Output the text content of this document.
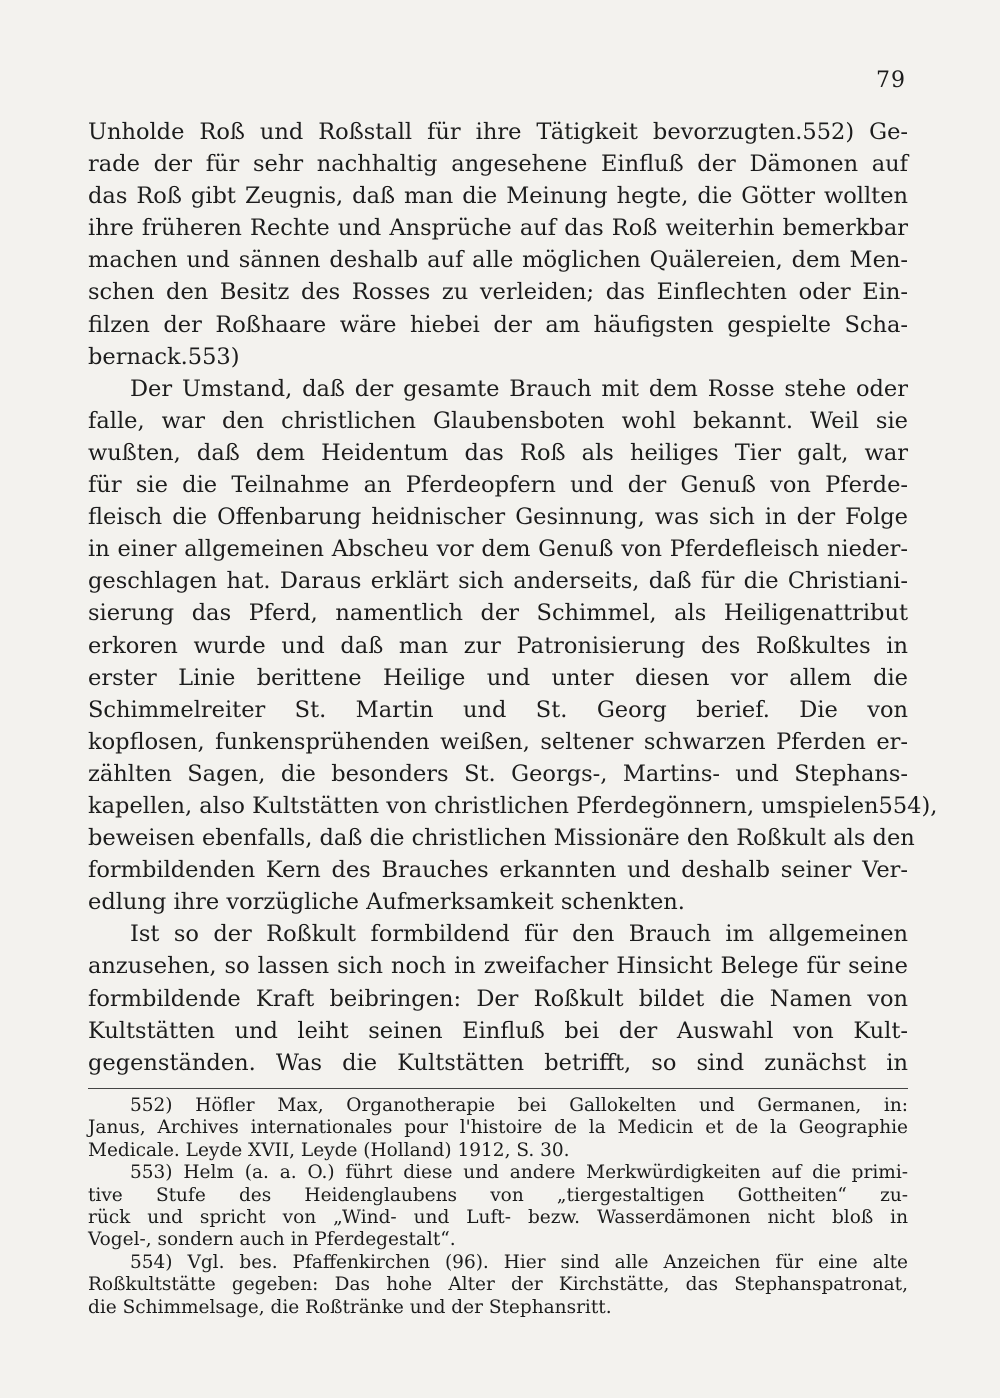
79
Unholde Roß und Roßstall für ihre Tätigkeit bevorzugten.552) Ge-
rade der für sehr nachhaltig angesehene Einfluß der Dämonen auf
das Roß gibt Zeugnis, daß man die Meinung hegte, die Götter wollten
ihre früheren Rechte und Ansprüche auf das Roß weiterhin bemerkbar
machen und sännen deshalb auf alle möglichen Quälereien, dem Men-
schen den Besitz des Rosses zu verleiden; das Einflechten oder Ein-
filzen der Roßhaare wäre hiebei der am häufigsten gespielte Scha-
bernack.553)
Der Umstand, daß der gesamte Brauch mit dem Rosse stehe oder
falle, war den christlichen Glaubensboten wohl bekannt. Weil sie
wußten, daß dem Heidentum das Roß als heiliges Tier galt, war
für sie die Teilnahme an Pferdeopfern und der Genuß von Pferde-
fleisch die Offenbarung heidnischer Gesinnung, was sich in der Folge
in einer allgemeinen Abscheu vor dem Genuß von Pferdefleisch nieder-
geschlagen hat. Daraus erklärt sich anderseits, daß für die Christiani-
sierung das Pferd, namentlich der Schimmel, als Heiligenattribut
erkoren wurde und daß man zur Patronisierung des Roßkultes in
erster Linie berittene Heilige und unter diesen vor allem die
Schimmelreiter St. Martin und St. Georg berief. Die von
kopflosen, funkensprühenden weißen, seltener schwarzen Pferden er-
zählten Sagen, die besonders St. Georgs-, Martins- und Stephans-
kapellen, also Kultstätten von christlichen Pferdegönnern, umspielen554),
beweisen ebenfalls, daß die christlichen Missionäre den Roßkult als den
formbildenden Kern des Brauches erkannten und deshalb seiner Ver-
edlung ihre vorzügliche Aufmerksamkeit schenkten.
Ist so der Roßkult formbildend für den Brauch im allgemeinen
anzusehen, so lassen sich noch in zweifacher Hinsicht Belege für seine
formbildende Kraft beibringen: Der Roßkult bildet die Namen von
Kultstätten und leiht seinen Einfluß bei der Auswahl von Kult-
gegenständen. Was die Kultstätten betrifft, so sind zunächst in
552) Höfler Max, Organotherapie bei Gallokelten und Germanen, in:
Janus, Archives internationales pour l'histoire de la Medicin et de la Geographie
Medicale. Leyde XVII, Leyde (Holland) 1912, S. 30.
553) Helm (a. a. O.) führt diese und andere Merkwürdigkeiten auf die primi-
tive Stufe des Heidenglaubens von „tiergestaltigen Gottheiten“ zu-
rück und spricht von „Wind- und Luft- bezw. Wasserdämonen nicht bloß in
Vogel-, sondern auch in Pferdegestalt“.
554) Vgl. bes. Pfaffenkirchen (96). Hier sind alle Anzeichen für eine alte
Roßkultstätte gegeben: Das hohe Alter der Kirchstätte, das Stephanspatronat,
die Schimmelsage, die Roßtränke und der Stephansritt.
